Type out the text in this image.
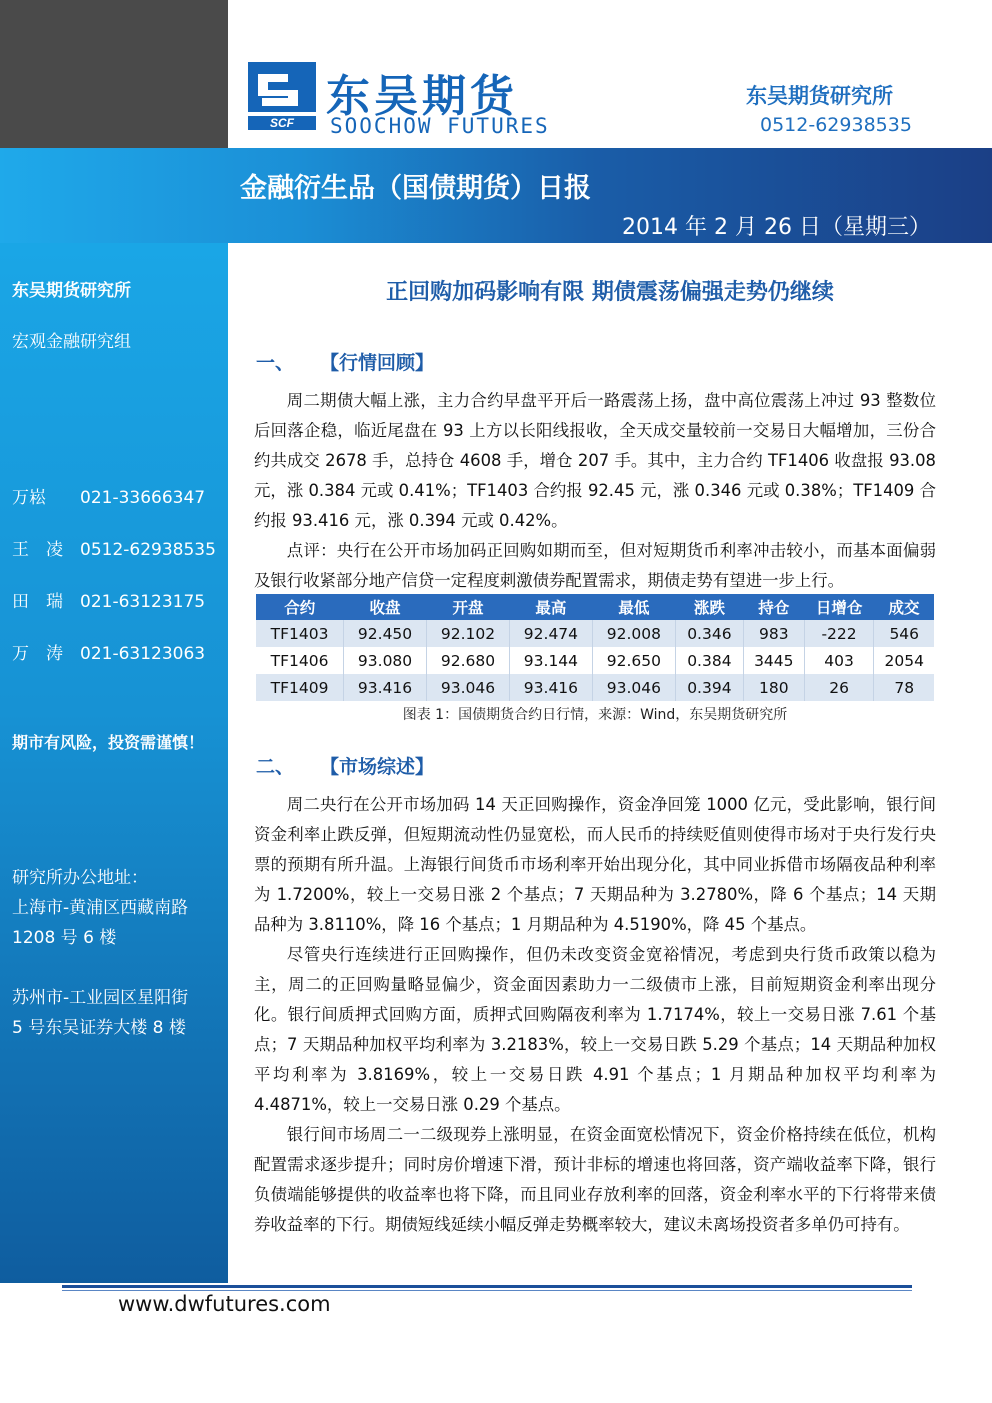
SCF
东吴期货
SOOCHOW FUTURES
东吴期货研究所
0512-62938535
金融衍生品（国债期货）日报
2014 年 2 月 26 日（星期三）
东吴期货研究所
宏观金融研究组
万崧 021-33666347
王　凌 0512-62938535
田　瑞 021-63123175
万　涛 021-63123063
期市有风险，投资需谨慎！
研究所办公地址：
上海市-黄浦区西藏南路
1208 号 6 楼
苏州市-工业园区星阳街
5 号东吴证券大楼 8 楼
正回购加码影响有限 期债震荡偏强走势仍继续
一、 【行情回顾】

周二期债大幅上涨，主力合约早盘平开后一路震荡上扬，盘中高位震荡上冲过 93 整数位后回落企稳，临近尾盘在 93 上方以长阳线报收，全天成交量较前一交易日大幅增加，三份合约共成交 2678 手，总持仓 4608 手，增仓 207 手。其中，主力合约 TF1406 收盘报 93.08 元，涨 0.384 元或 0.41%；TF1403 合约报 92.45 元，涨 0.346 元或 0.38%；TF1409 合约报 93.416 元，涨 0.394 元或 0.42%。

点评：央行在公开市场加码正回购如期而至，但对短期货币利率冲击较小，而基本面偏弱及银行收紧部分地产信贷一定程度刺激债券配置需求，期债走势有望进一步上行。

合约	收盘	开盘	最高	最低	涨跌	持仓	日增仓	成交
TF1403	92.450	92.102	92.474	92.008	0.346	983	-222	546
TF1406	93.080	92.680	93.144	92.650	0.384	3445	403	2054
TF1409	93.416	93.046	93.416	93.046	0.394	180	26	78
图表 1：国债期货合约日行情，来源：Wind，东吴期货研究所
二、 【市场综述】

周二央行在公开市场加码 14 天正回购操作，资金净回笼 1000 亿元，受此影响，银行间资金利率止跌反弹，但短期流动性仍显宽松，而人民币的持续贬值则使得市场对于央行发行央票的预期有所升温。上海银行间货币市场利率开始出现分化，其中同业拆借市场隔夜品种利率为 1.7200%，较上一交易日涨 2 个基点；7 天期品种为 3.2780%，降 6 个基点；14 天期品种为 3.8110%，降 16 个基点；1 月期品种为 4.5190%，降 45 个基点。

尽管央行连续进行正回购操作，但仍未改变资金宽裕情况，考虑到央行货币政策以稳为主，周二的正回购量略显偏少，资金面因素助力一二级债市上涨，目前短期资金利率出现分化。银行间质押式回购方面，质押式回购隔夜利率为 1.7174%，较上一交易日涨 7.61 个基点；7 天期品种加权平均利率为 3.2183%，较上一交易日跌 5.29 个基点；14 天期品种加权平均利率为 3.8169%，较上一交易日跌 4.91 个基点；1 月期品种加权平均利率为 4.4871%，较上一交易日涨 0.29 个基点。

银行间市场周二一二级现券上涨明显，在资金面宽松情况下，资金价格持续在低位，机构配置需求逐步提升；同时房价增速下滑，预计非标的增速也将回落，资产端收益率下降，银行负债端能够提供的收益率也将下降，而且同业存放利率的回落，资金利率水平的下行将带来债券收益率的下行。期债短线延续小幅反弹走势概率较大，建议未离场投资者多单仍可持有。

www.dwfutures.com
